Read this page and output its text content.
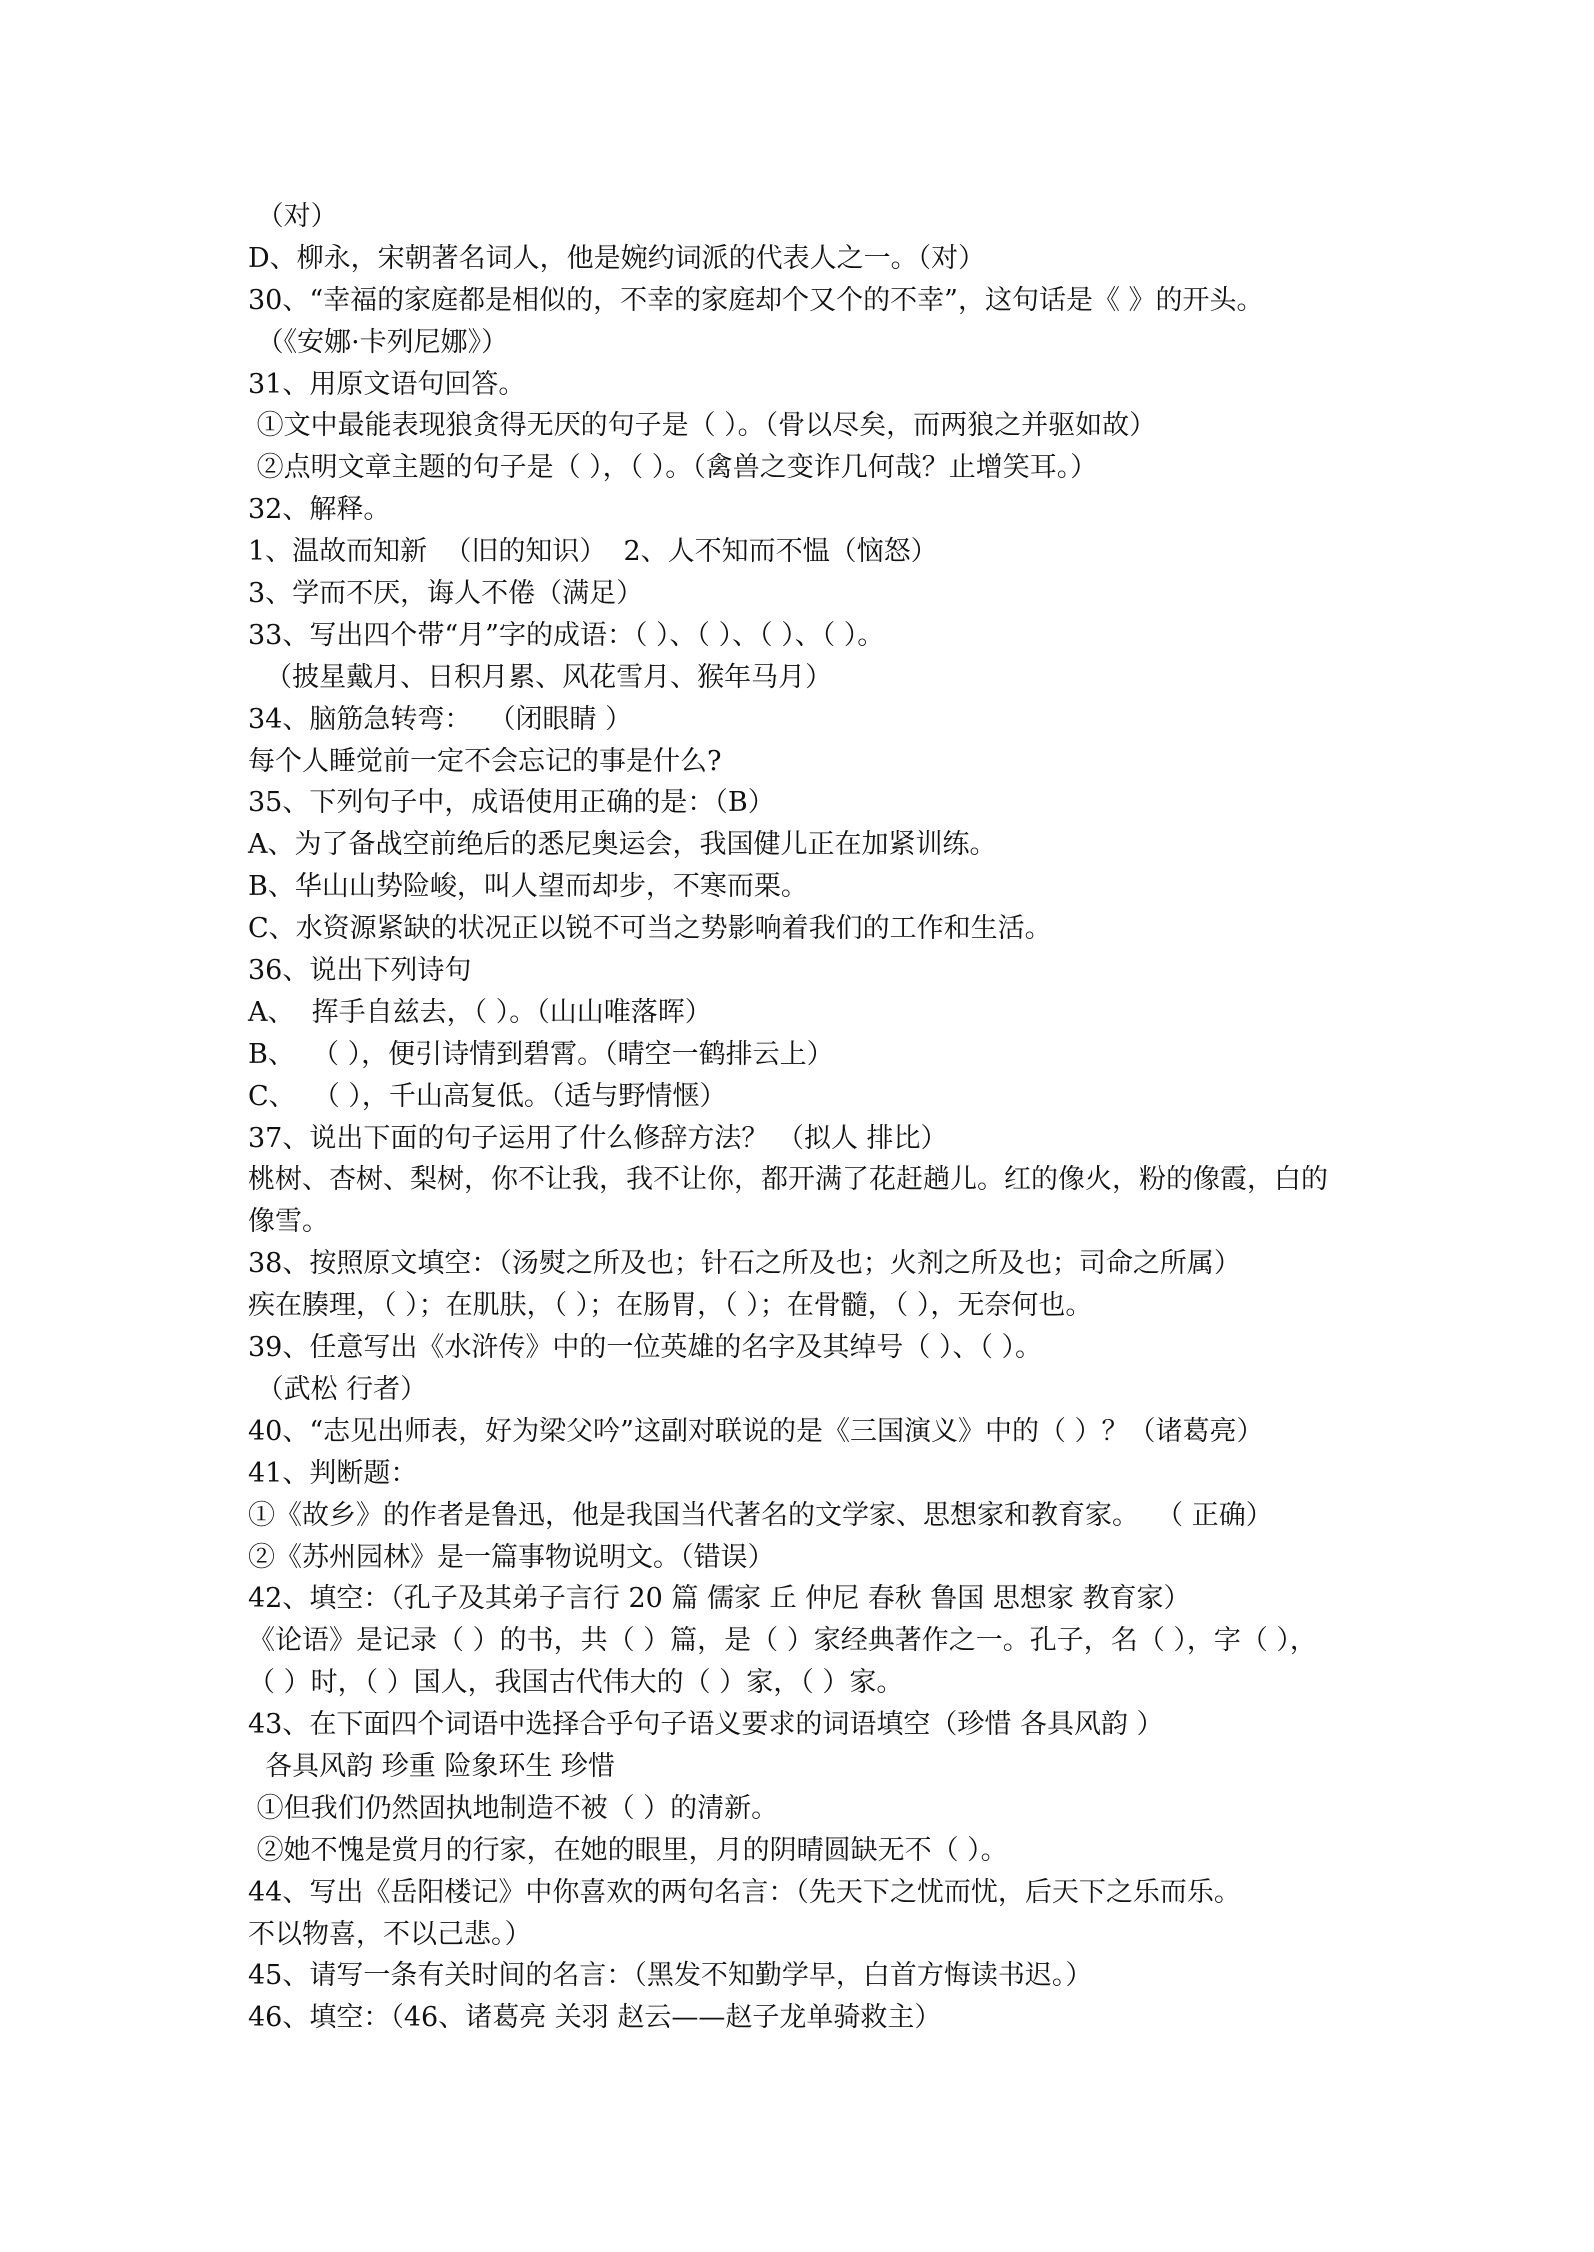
（对）
D、柳永，宋朝著名词人，他是婉约词派的代表人之一。（对）
30、“幸福的家庭都是相似的，不幸的家庭却个又个的不幸”，这句话是《 》的开头。
（《安娜·卡列尼娜》）
31、用原文语句回答。
①文中最能表现狼贪得无厌的句子是（ ）。（骨以尽矣，而两狼之并驱如故）
②点明文章主题的句子是（ ），（ ）。（禽兽之变诈几何哉？止增笑耳。）
32、解释。
1、温故而知新  （旧的知识）  2、人不知而不愠（恼怒）
3、学而不厌，诲人不倦（满足）
33、写出四个带“月”字的成语：（ ）、（ ）、（ ）、（ ）。
（披星戴月、日积月累、风花雪月、猴年马月）
34、脑筋急转弯：  （闭眼睛 ）
每个人睡觉前一定不会忘记的事是什么?
35、下列句子中，成语使用正确的是：（B）
A、为了备战空前绝后的悉尼奥运会，我国健儿正在加紧训练。
B、华山山势险峻，叫人望而却步，不寒而栗。
C、水资源紧缺的状况正以锐不可当之势影响着我们的工作和生活。
36、说出下列诗句
A、  挥手自兹去，（ ）。（山山唯落晖）
B、  （ ），便引诗情到碧霄。（晴空一鹤排云上）
C、  （ ），千山高复低。（适与野情惬）
37、说出下面的句子运用了什么修辞方法？ （拟人 排比）
桃树、杏树、梨树，你不让我，我不让你，都开满了花赶趟儿。红的像火，粉的像霞，白的
像雪。
38、按照原文填空：（汤熨之所及也；针石之所及也；火剂之所及也；司命之所属）
疾在腠理，（ ）；在肌肤，（ ）；在肠胃，（ ）；在骨髓，（ ），无奈何也。
39、任意写出《水浒传》中的一位英雄的名字及其绰号（ ）、（ ）。
（武松 行者）
40、“志见出师表，好为梁父吟”这副对联说的是《三国演义》中的（ ）？（诸葛亮）
41、判断题：
①《故乡》的作者是鲁迅，他是我国当代著名的文学家、思想家和教育家。  （ 正确）
②《苏州园林》是一篇事物说明文。（错误）
42、填空：（孔子及其弟子言行 20 篇 儒家 丘 仲尼 春秋 鲁国 思想家 教育家）
《论语》是记录（ ）的书，共（ ）篇，是（ ）家经典著作之一。孔子，名（ ），字（ ），
（ ）时，（ ）国人，我国古代伟大的（ ）家，（ ）家。
43、在下面四个词语中选择合乎句子语义要求的词语填空（珍惜 各具风韵 ）
各具风韵 珍重 险象环生 珍惜
①但我们仍然固执地制造不被（ ）的清新。
②她不愧是赏月的行家，在她的眼里，月的阴晴圆缺无不（ ）。
44、写出《岳阳楼记》中你喜欢的两句名言：（先天下之忧而忧，后天下之乐而乐。
不以物喜，不以己悲。）
45、请写一条有关时间的名言：（黑发不知勤学早，白首方悔读书迟。）
46、填空：（46、诸葛亮 关羽 赵云——赵子龙单骑救主）
